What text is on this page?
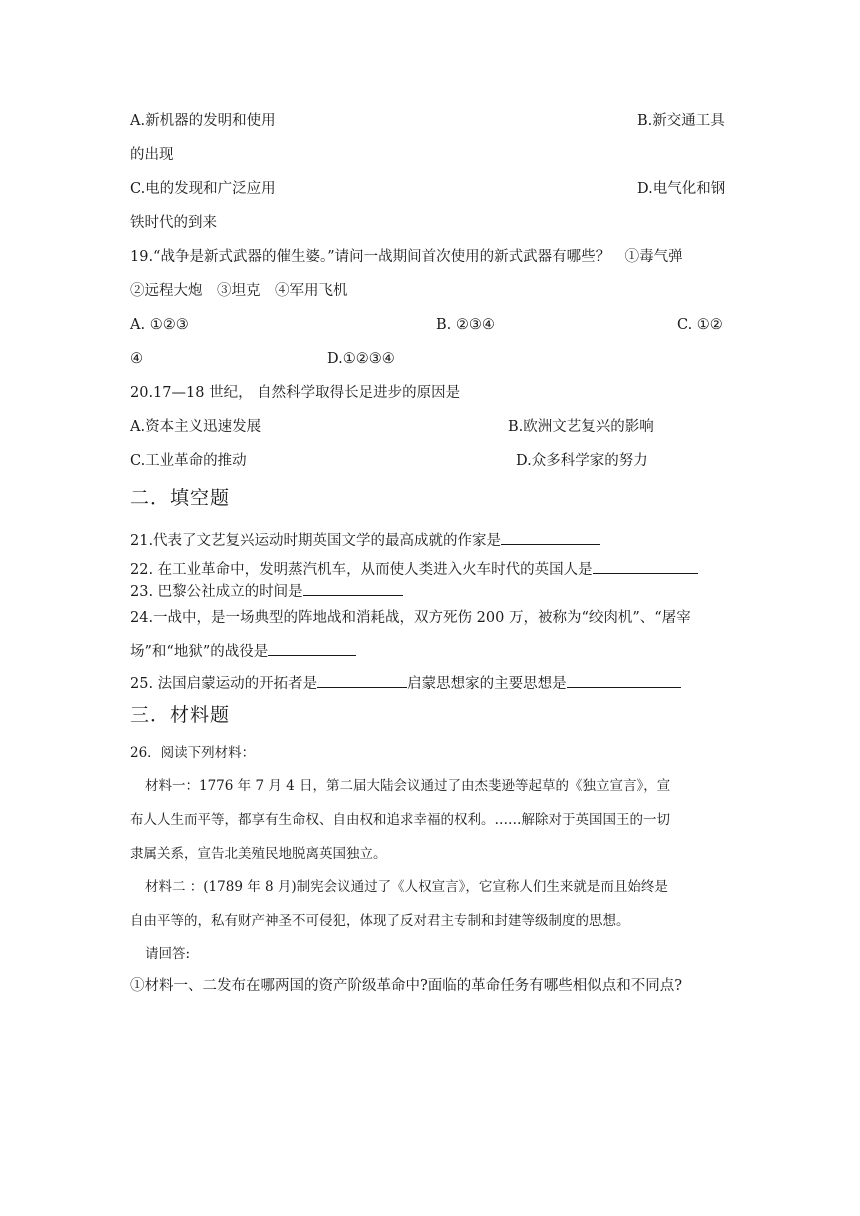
A.新机器的发明和使用	B.新交通工具
的出现
C.电的发现和广泛应用	D.电气化和钢
铁时代的到来
19.“战争是新式武器的催生婆。”请问一战期间首次使用的新式武器有哪些？　①毒气弹
②远程大炮　③坦克　④军用飞机
A. ①②③	B. ②③④	C. ①②
④	D.①②③④
20.17—18 世纪， 自然科学取得长足进步的原因是
A.资本主义迅速发展	B.欧洲文艺复兴的影响
C.工业革命的推动	D.众多科学家的努力
二．填空题
21.代表了文艺复兴运动时期英国文学的最高成就的作家是
22. 在工业革命中，发明蒸汽机车，从而使人类进入火车时代的英国人是
23. 巴黎公社成立的时间是
24.一战中，是一场典型的阵地战和消耗战，双方死伤 200 万，被称为“绞肉机”、“屠宰
场”和“地狱”的战役是
25. 法国启蒙运动的开拓者是	启蒙思想家的主要思想是
三．材料题
26．阅读下列材料：
材料一：1776 年 7 月 4 日，第二届大陆会议通过了由杰斐逊等起草的《独立宣言》，宣
布人人生而平等，都享有生命权、自由权和追求幸福的权利。……解除对于英国国王的一切
隶属关系，宣告北美殖民地脱离英国独立。
材料二 ：(1789 年 8 月)制宪会议通过了《人权宣言》，它宣称人们生来就是而且始终是
自由平等的，私有财产神圣不可侵犯，体现了反对君主专制和封建等级制度的思想。
请回答:
①材料一、二发布在哪两国的资产阶级革命中?面临的革命任务有哪些相似点和不同点?
